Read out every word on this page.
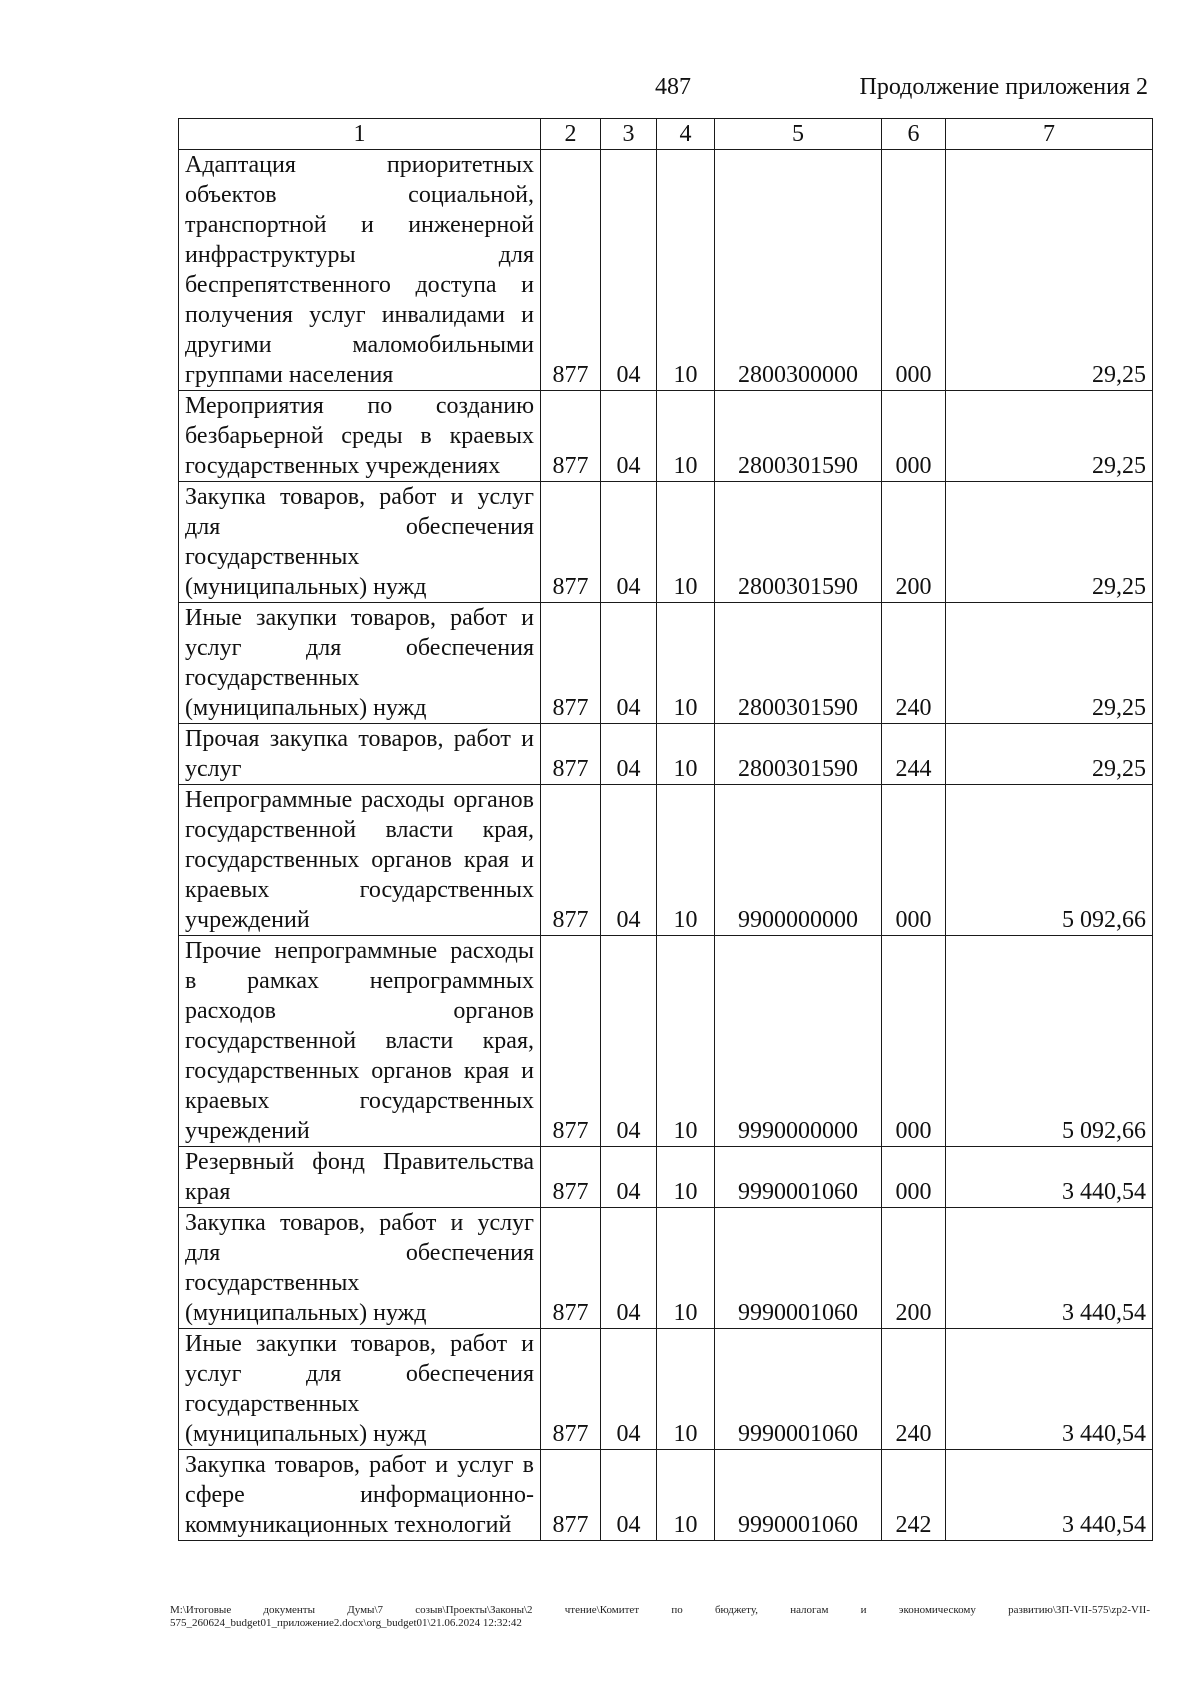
487	Продолжение приложения 2
1	2	3	4	5	6	7
Адаптация приоритетных объектов социальной, транспортной и инженерной инфраструктуры для беспрепятственного доступа и получения услуг инвалидами и другими маломобильными группами населения	877	04	10	2800300000	000	29,25
Мероприятия по созданию безбарьерной среды в краевых государственных учреждениях	877	04	10	2800301590	000	29,25
Закупка товаров, работ и услуг для обеспечения государственных (муниципальных) нужд	877	04	10	2800301590	200	29,25
Иные закупки товаров, работ и услуг для обеспечения государственных (муниципальных) нужд	877	04	10	2800301590	240	29,25
Прочая закупка товаров, работ и услуг	877	04	10	2800301590	244	29,25
Непрограммные расходы органов государственной власти края, государственных органов края и краевых государственных учреждений	877	04	10	9900000000	000	5 092,66
Прочие непрограммные расходы в рамках непрограммных расходов органов государственной власти края, государственных органов края и краевых государственных учреждений	877	04	10	9990000000	000	5 092,66
Резервный фонд Правительства края	877	04	10	9990001060	000	3 440,54
Закупка товаров, работ и услуг для обеспечения государственных (муниципальных) нужд	877	04	10	9990001060	200	3 440,54
Иные закупки товаров, работ и услуг для обеспечения государственных (муниципальных) нужд	877	04	10	9990001060	240	3 440,54
Закупка товаров, работ и услуг в сфере информационно-коммуникационных технологий	877	04	10	9990001060	242	3 440,54
M:\Итоговые документы Думы\7 созыв\Проекты\Законы\2 чтение\Комитет по бюджету, налогам и экономическому развитию\ЗП-VII-575\zp2-VII-575_260624_budget01_приложение2.docx\org_budget01\21.06.2024 12:32:42
